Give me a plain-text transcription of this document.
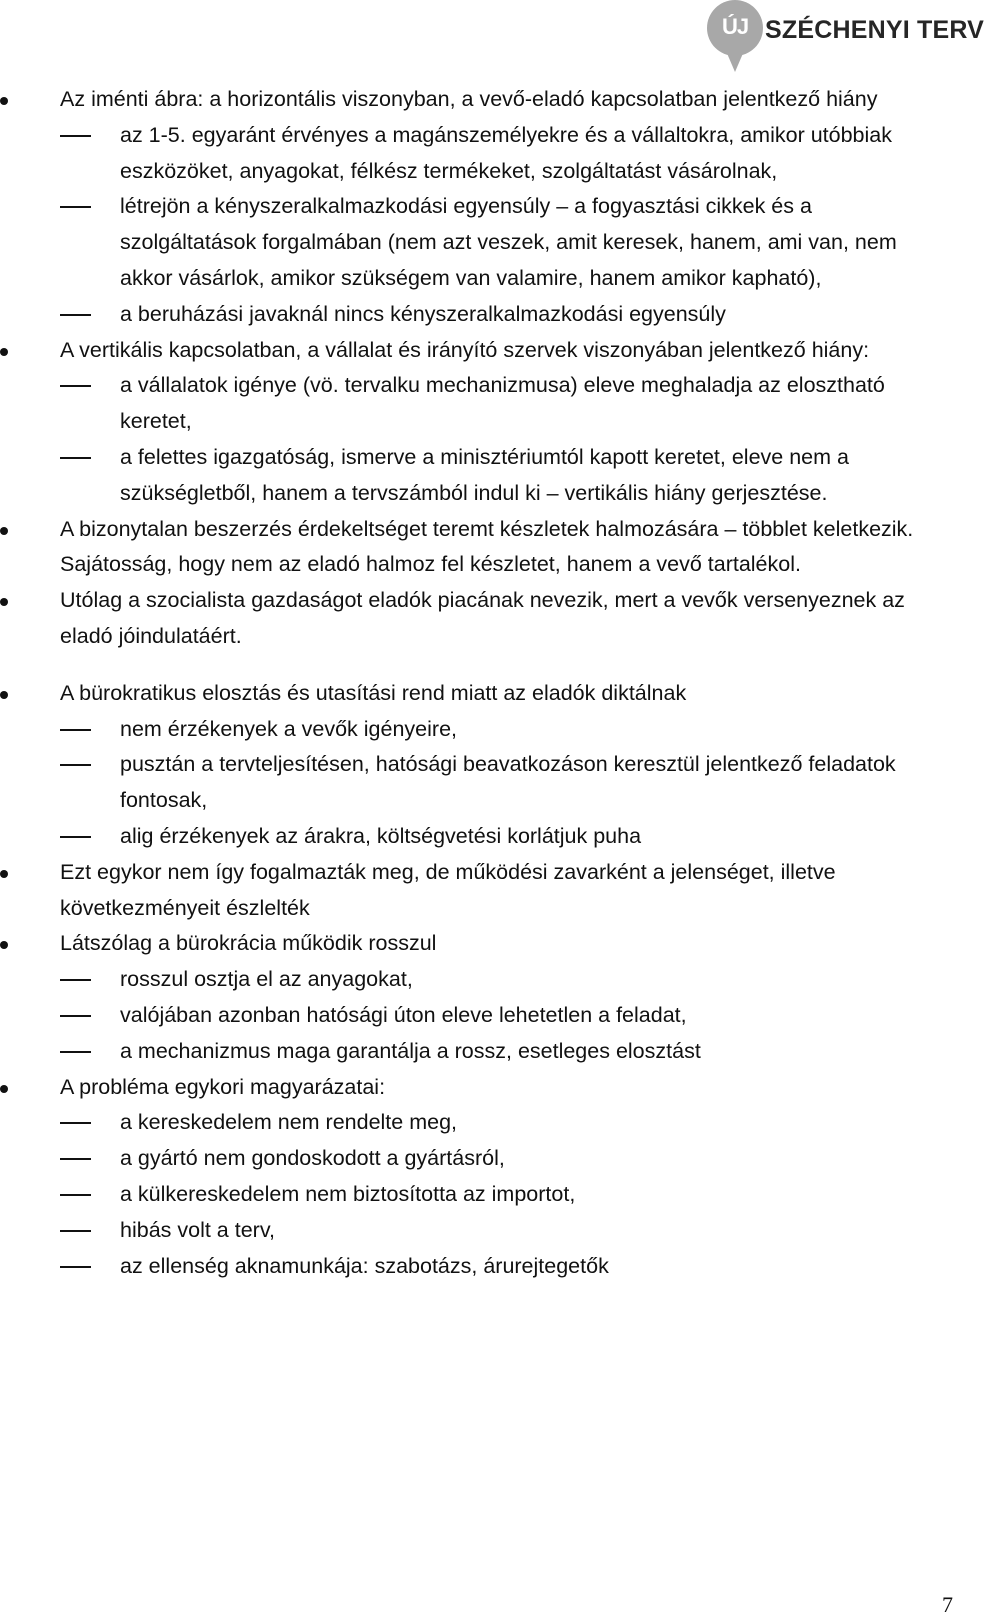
ÚJ SZÉCHENYI TERV
Az iménti ábra: a horizontális viszonyban, a vevő-eladó kapcsolatban jelentkező hiány
az 1-5. egyaránt érvényes a magánszemélyekre és a vállaltokra, amikor utóbbiak eszközöket, anyagokat, félkész termékeket, szolgáltatást vásárolnak,
létrejön a kényszeralkalmazkodási egyensúly – a fogyasztási cikkek és a szolgáltatások forgalmában (nem azt veszek, amit keresek, hanem, ami van, nem akkor vásárlok, amikor szükségem van valamire, hanem amikor kapható),
a beruházási javaknál nincs kényszeralkalmazkodási egyensúly
A vertikális kapcsolatban, a vállalat és irányító szervek viszonyában jelentkező hiány:
a vállalatok igénye (vö. tervalku mechanizmusa) eleve meghaladja az elosztható keretet,
a felettes igazgatóság, ismerve a minisztériumtól kapott keretet, eleve nem a szükségletből, hanem a tervszámból indul ki – vertikális hiány gerjesztése.
A bizonytalan beszerzés érdekeltséget teremt készletek halmozására – többlet keletkezik. Sajátosság, hogy nem az eladó halmoz fel készletet, hanem a vevő tartalékol.
Utólag a szocialista gazdaságot eladók piacának nevezik, mert a vevők versenyeznek az eladó jóindulatáért.
A bürokratikus elosztás és utasítási rend miatt az eladók diktálnak
nem érzékenyek a vevők igényeire,
pusztán a tervteljesítésen, hatósági beavatkozáson keresztül jelentkező feladatok fontosak,
alig érzékenyek az árakra, költségvetési korlátjuk puha
Ezt egykor nem így fogalmazták meg, de működési zavarként a jelenséget, illetve következményeit észlelték
Látszólag a bürokrácia működik rosszul
rosszul osztja el az anyagokat,
valójában azonban hatósági úton eleve lehetetlen a feladat,
a mechanizmus maga garantálja a rossz, esetleges elosztást
A probléma egykori magyarázatai:
a kereskedelem nem rendelte meg,
a gyártó nem gondoskodott a gyártásról,
a külkereskedelem nem biztosította az importot,
hibás volt a terv,
az ellenség aknamunkája: szabotázs, árurejtegetők
7
